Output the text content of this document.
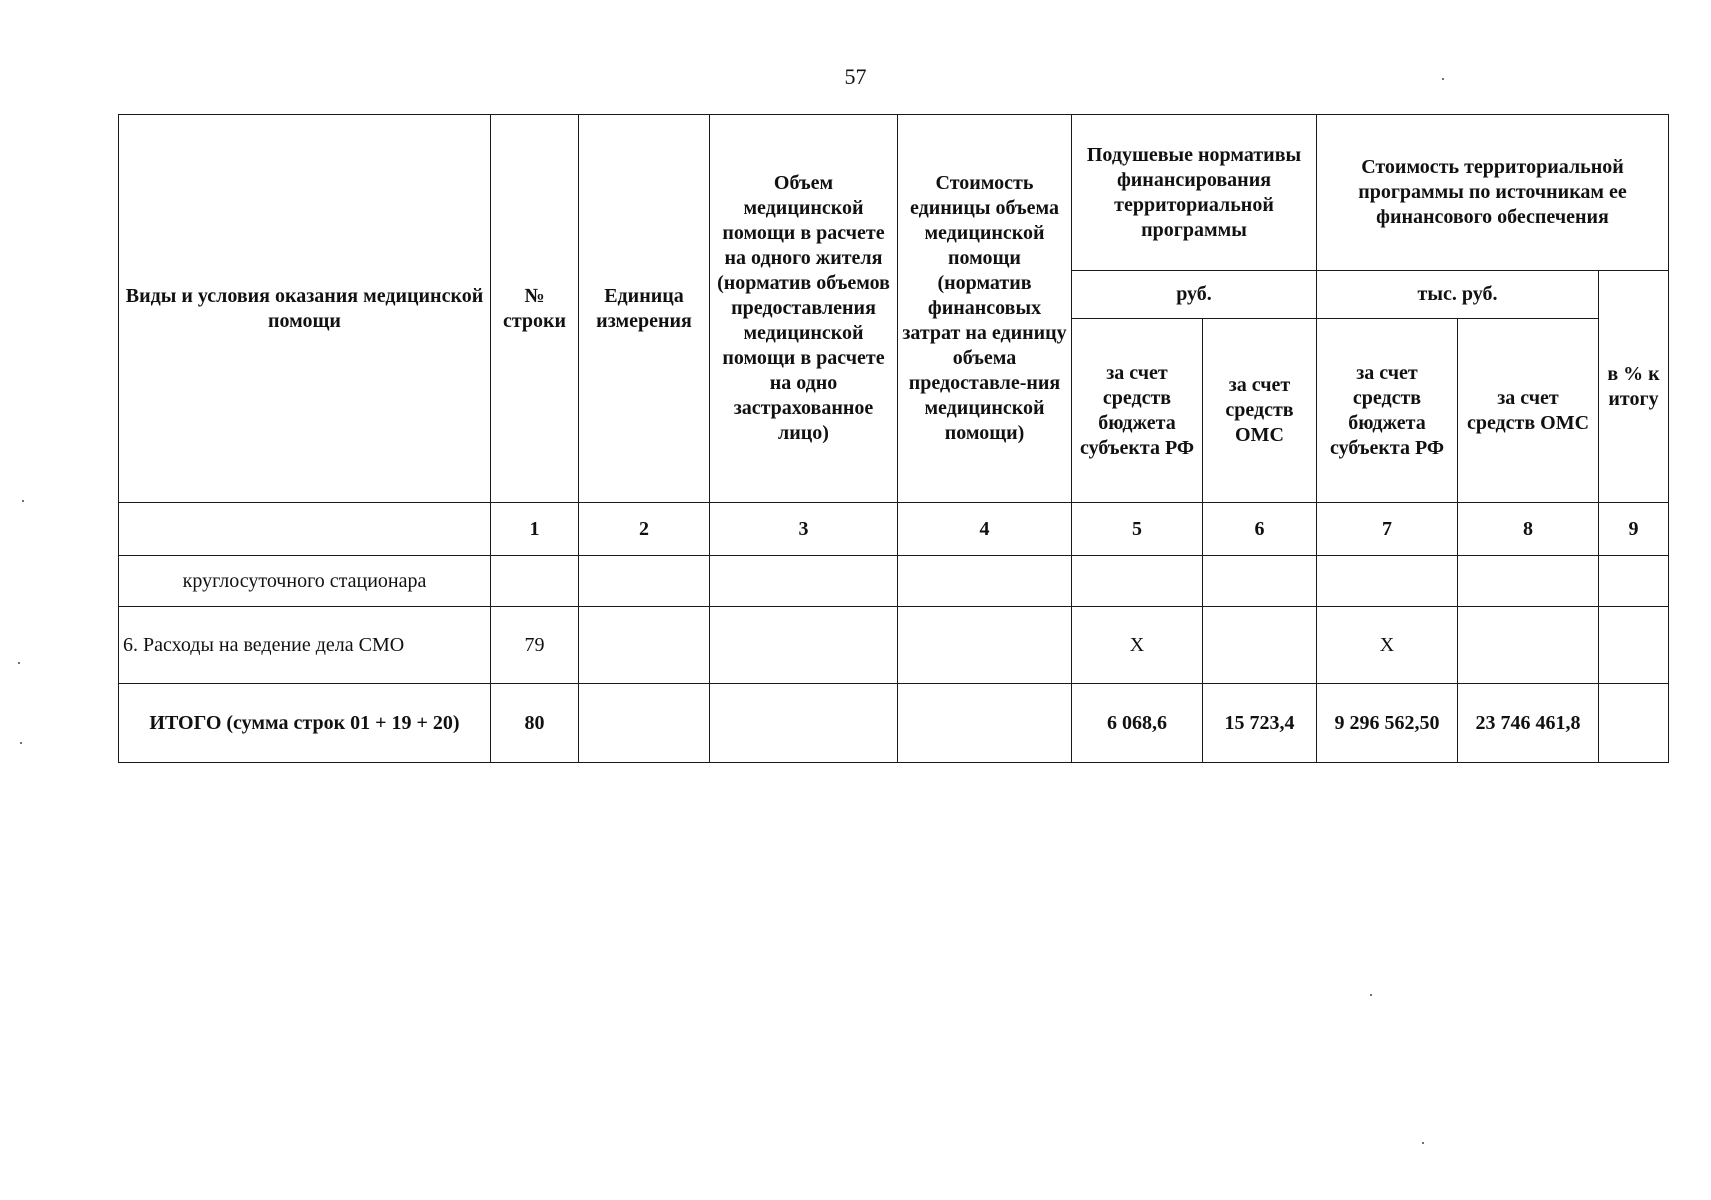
57
Виды и условия оказания медицинской помощи	№ строки	Единица измерения	Объем медицинской помощи в расчете на одного жителя (норматив объемов предоставления медицинской помощи в расчете на одно застрахованное лицо)	Стоимость единицы объема медицинской помощи (норматив финансовых затрат на единицу объема предоставле-ния медицинской помощи)	Подушевые нормативы финансирования территориальной программы		Стоимость территориальной программы по источникам ее финансового обеспечения		
					руб.		тыс. руб.		в % к итогу
					за счет средств бюджета субъекта РФ	за счет средств ОМС	за счет средств бюджета субъекта РФ	за счет средств ОМС	
	1	2	3	4	5	6	7	8	9
круглосуточного стационара									
6. Расходы на ведение дела СМО	79				X		X		
ИТОГО (сумма строк 01 + 19 + 20)	80				6 068,6	15 723,4	9 296 562,50	23 746 461,8	
